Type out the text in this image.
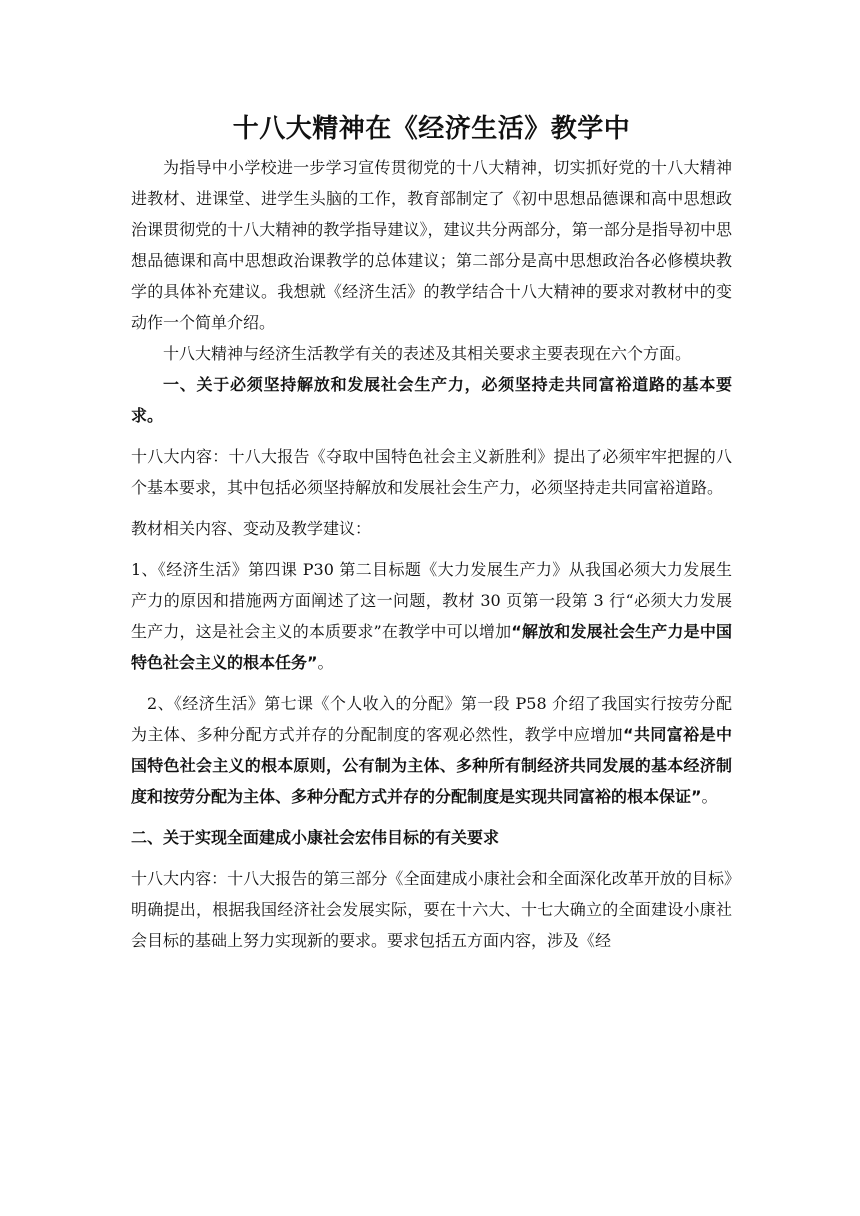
十八大精神在《经济生活》教学中

为指导中小学校进一步学习宣传贯彻党的十八大精神，切实抓好党的十八大精神进教材、进课堂、进学生头脑的工作，教育部制定了《初中思想品德课和高中思想政治课贯彻党的十八大精神的教学指导建议》，建议共分两部分，第一部分是指导初中思想品德课和高中思想政治课教学的总体建议；第二部分是高中思想政治各必修模块教学的具体补充建议。我想就《经济生活》的教学结合十八大精神的要求对教材中的变动作一个简单介绍。

十八大精神与经济生活教学有关的表述及其相关要求主要表现在六个方面。

一、关于必须坚持解放和发展社会生产力，必须坚持走共同富裕道路的基本要求。

十八大内容：十八大报告《夺取中国特色社会主义新胜利》提出了必须牢牢把握的八个基本要求，其中包括必须坚持解放和发展社会生产力，必须坚持走共同富裕道路。

教材相关内容、变动及教学建议：

1、《经济生活》第四课 P30 第二目标题《大力发展生产力》从我国必须大力发展生产力的原因和措施两方面阐述了这一问题，教材 30 页第一段第 3 行“必须大力发展生产力，这是社会主义的本质要求”在教学中可以增加“解放和发展社会生产力是中国特色社会主义的根本任务”。

2、《经济生活》第七课《个人收入的分配》第一段 P58 介绍了我国实行按劳分配为主体、多种分配方式并存的分配制度的客观必然性，教学中应增加“共同富裕是中国特色社会主义的根本原则，公有制为主体、多种所有制经济共同发展的基本经济制度和按劳分配为主体、多种分配方式并存的分配制度是实现共同富裕的根本保证”。

二、关于实现全面建成小康社会宏伟目标的有关要求

十八大内容：十八大报告的第三部分《全面建成小康社会和全面深化改革开放的目标》明确提出，根据我国经济社会发展实际，要在十六大、十七大确立的全面建设小康社会目标的基础上努力实现新的要求。要求包括五方面内容，涉及《经
